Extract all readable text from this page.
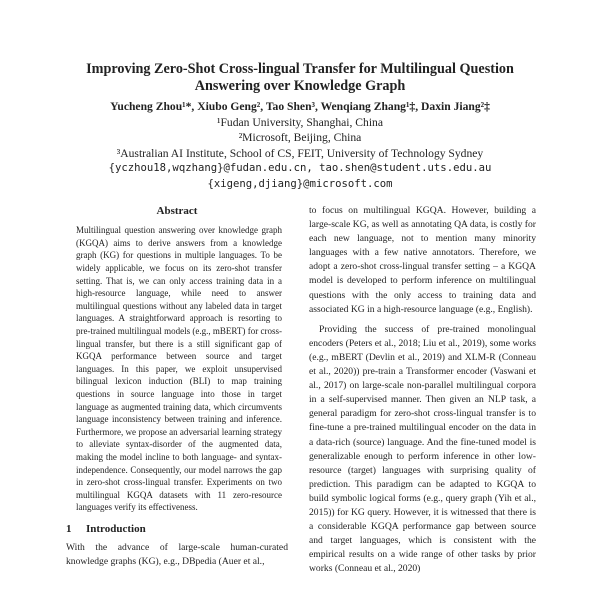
Improving Zero-Shot Cross-lingual Transfer for Multilingual Question
Answering over Knowledge Graph
Yucheng Zhou¹*, Xiubo Geng², Tao Shen³, Wenqiang Zhang¹‡, Daxin Jiang²‡
¹Fudan University, Shanghai, China
²Microsoft, Beijing, China
³Australian AI Institute, School of CS, FEIT, University of Technology Sydney
{yczhou18,wqzhang}@fudan.edu.cn, tao.shen@student.uts.edu.au
{xigeng,djiang}@microsoft.com
Abstract
Multilingual question answering over knowledge graph (KGQA) aims to derive answers from a knowledge graph (KG) for questions in multiple languages. To be widely applicable, we focus on its zero-shot transfer setting. That is, we can only access training data in a high-resource language, while need to answer multilingual questions without any labeled data in target languages. A straightforward approach is resorting to pre-trained multilingual models (e.g., mBERT) for cross-lingual transfer, but there is a still significant gap of KGQA performance between source and target languages. In this paper, we exploit unsupervised bilingual lexicon induction (BLI) to map training questions in source language into those in target language as augmented training data, which circumvents language inconsistency between training and inference. Furthermore, we propose an adversarial learning strategy to alleviate syntax-disorder of the augmented data, making the model incline to both language- and syntax-independence. Consequently, our model narrows the gap in zero-shot cross-lingual transfer. Experiments on two multilingual KGQA datasets with 11 zero-resource languages verify its effectiveness.
1 Introduction
With the advance of large-scale human-curated knowledge graphs (KG), e.g., DBpedia (Auer et al.,

to focus on multilingual KGQA. However, building a large-scale KG, as well as annotating QA data, is costly for each new language, not to mention many minority languages with a few native annotators. Therefore, we adopt a zero-shot cross-lingual transfer setting – a KGQA model is developed to perform inference on multilingual questions with the only access to training data and associated KG in a high-resource language (e.g., English).

Providing the success of pre-trained monolingual encoders (Peters et al., 2018; Liu et al., 2019), some works (e.g., mBERT (Devlin et al., 2019) and XLM-R (Conneau et al., 2020)) pre-train a Transformer encoder (Vaswani et al., 2017) on large-scale non-parallel multilingual corpora in a self-supervised manner. Then given an NLP task, a general paradigm for zero-shot cross-lingual transfer is to fine-tune a pre-trained multilingual encoder on the data in a data-rich (source) language. And the fine-tuned model is generalizable enough to perform inference in other low-resource (target) languages with surprising quality of prediction. This paradigm can be adapted to KGQA to build symbolic logical forms (e.g., query graph (Yih et al., 2015)) for KG query. However, it is witnessed that there is a considerable KGQA performance gap between source and target languages, which is consistent with the empirical results on a wide range of other tasks by prior works (Conneau et al., 2020)
